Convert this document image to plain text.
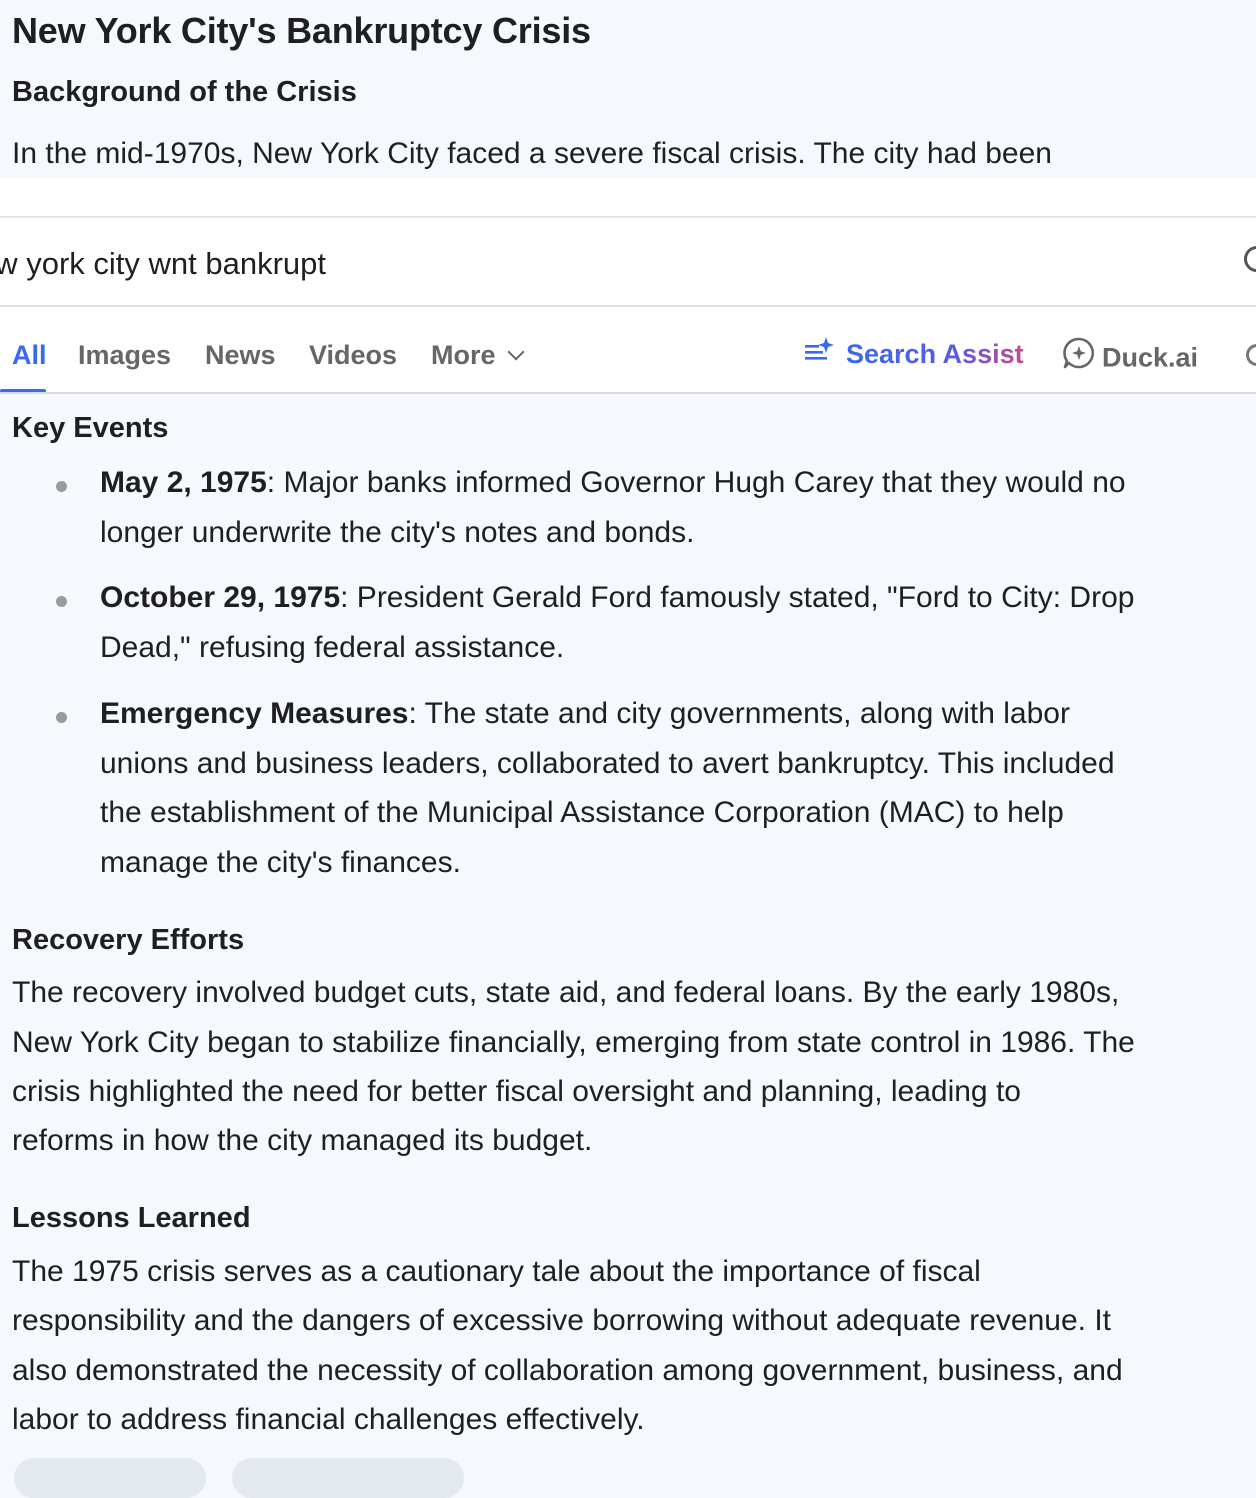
New York City's Bankruptcy Crisis
Background of the Crisis
In the mid-1970s, New York City faced a severe fiscal crisis. The city had been
ew york city wnt bankrupt
All Images News Videos More	Search Assist	Duck.ai
Key Events
May 2, 1975: Major banks informed Governor Hugh Carey that they would no
longer underwrite the city's notes and bonds.
October 29, 1975: President Gerald Ford famously stated, "Ford to City: Drop
Dead," refusing federal assistance.
Emergency Measures: The state and city governments, along with labor
unions and business leaders, collaborated to avert bankruptcy. This included
the establishment of the Municipal Assistance Corporation (MAC) to help
manage the city's finances.
Recovery Efforts
The recovery involved budget cuts, state aid, and federal loans. By the early 1980s,
New York City began to stabilize financially, emerging from state control in 1986. The
crisis highlighted the need for better fiscal oversight and planning, leading to
reforms in how the city managed its budget.
Lessons Learned
The 1975 crisis serves as a cautionary tale about the importance of fiscal
responsibility and the dangers of excessive borrowing without adequate revenue. It
also demonstrated the necessity of collaboration among government, business, and
labor to address financial challenges effectively.
